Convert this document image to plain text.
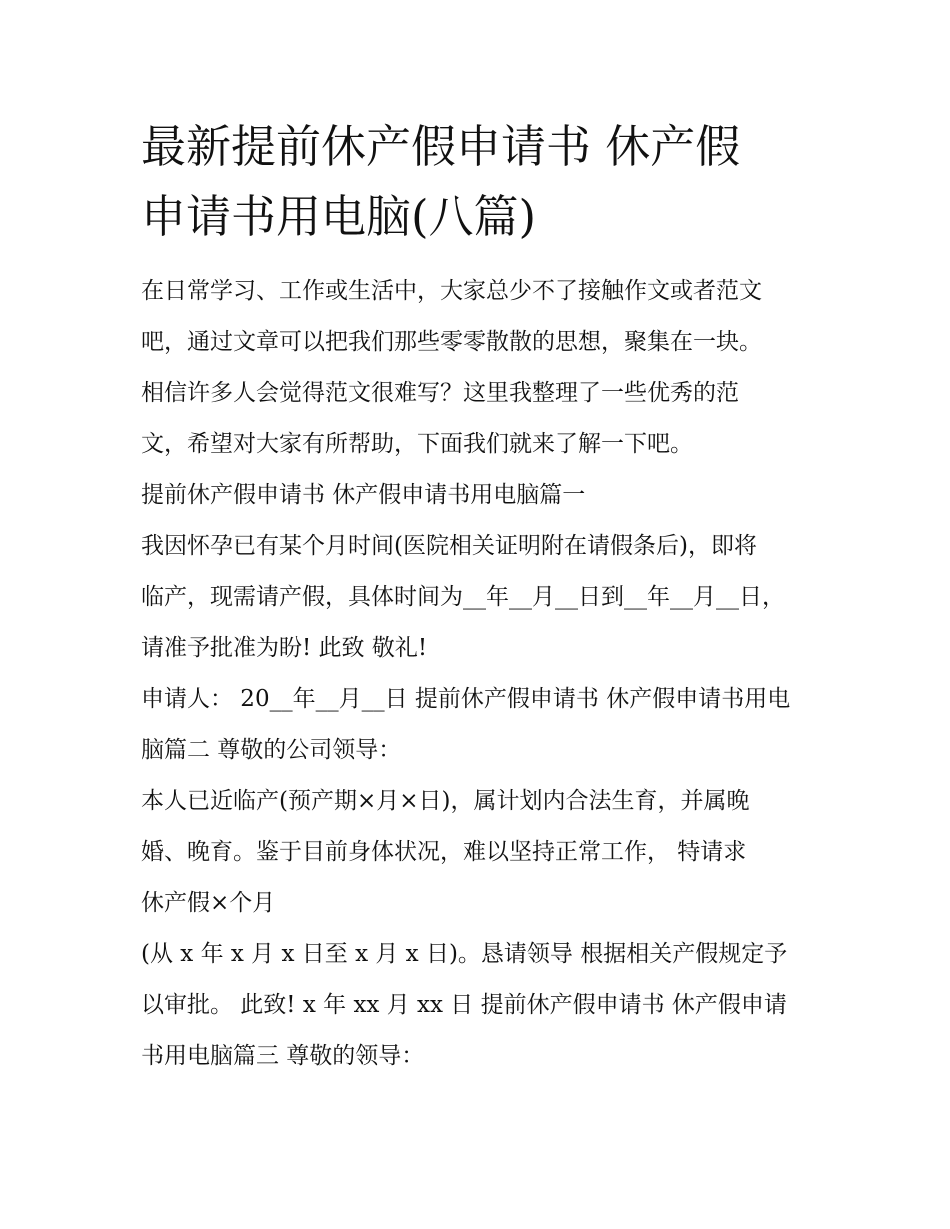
最新提前休产假申请书 休产假
申请书用电脑(八篇)
在日常学习、工作或生活中，大家总少不了接触作文或者范文
吧，通过文章可以把我们那些零零散散的思想，聚集在一块。
相信许多人会觉得范文很难写？这里我整理了一些优秀的范
文，希望对大家有所帮助，下面我们就来了解一下吧。
提前休产假申请书 休产假申请书用电脑篇一
我因怀孕已有某个月时间(医院相关证明附在请假条后)，即将
临产，现需请产假，具体时间为__年__月__日到__年__月__日，
请准予批准为盼! 此致 敬礼!
申请人： 20__年__月__日 提前休产假申请书 休产假申请书用电
脑篇二 尊敬的公司领导：
本人已近临产(预产期×月×日)，属计划内合法生育，并属晚
婚、晚育。鉴于目前身体状况，难以坚持正常工作， 特请求
休产假×个月
(从 x 年 x 月 x 日至 x 月 x 日)。恳请领导 根据相关产假规定予
以审批。 此致! x 年 xx 月 xx 日 提前休产假申请书 休产假申请
书用电脑篇三 尊敬的领导：
